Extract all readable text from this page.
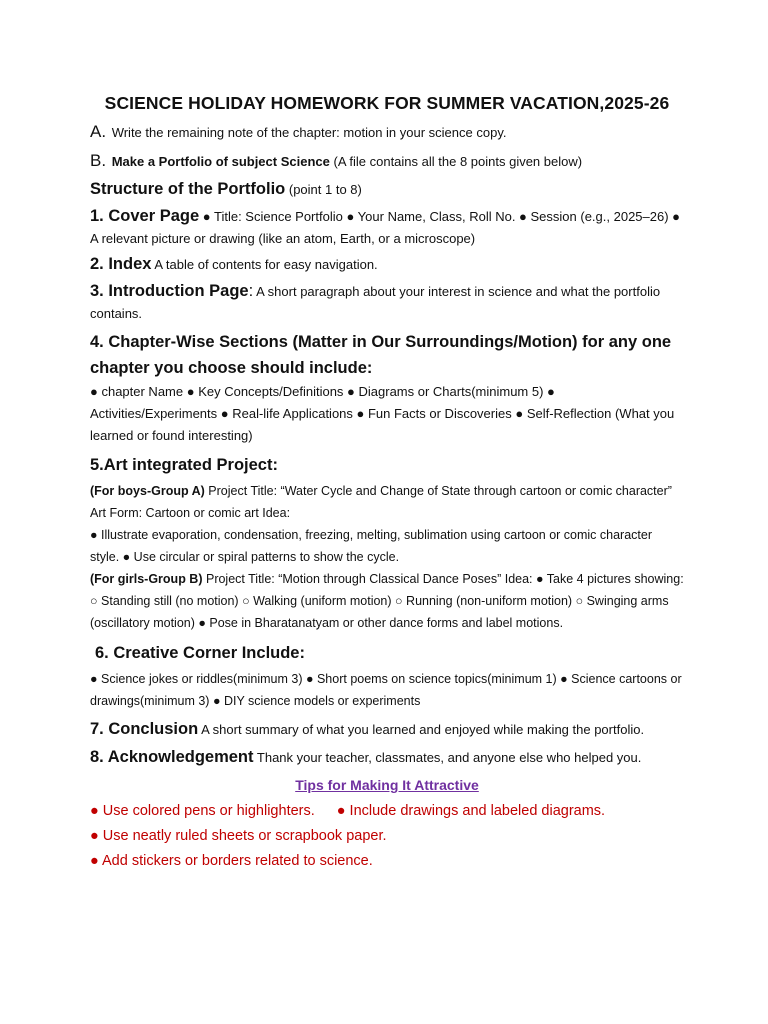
SCIENCE HOLIDAY HOMEWORK FOR SUMMER VACATION,2025-26

A. Write the remaining note of the chapter: motion in your science copy.

B. Make a Portfolio of subject Science (A file contains all the 8 points given below)

Structure of the Portfolio (point 1 to 8)

1. Cover Page ● Title: Science Portfolio ● Your Name, Class, Roll No. ● Session (e.g., 2025–26) ● A relevant picture or drawing (like an atom, Earth, or a microscope)

2. Index A table of contents for easy navigation.

3. Introduction Page: A short paragraph about your interest in science and what the portfolio contains.

4. Chapter-Wise Sections (Matter in Our Surroundings/Motion) for any one chapter you choose should include:

● chapter Name ● Key Concepts/Definitions ● Diagrams or Charts(minimum 5) ● Activities/Experiments ● Real-life Applications ● Fun Facts or Discoveries ● Self-Reflection (What you learned or found interesting)

5.Art integrated Project:

(For boys-Group A) Project Title: “Water Cycle and Change of State through cartoon or comic character” Art Form: Cartoon or comic art Idea:

● Illustrate evaporation, condensation, freezing, melting, sublimation using cartoon or comic character style. ● Use circular or spiral patterns to show the cycle.

(For girls-Group B) Project Title: “Motion through Classical Dance Poses” Idea: ● Take 4 pictures showing: ○ Standing still (no motion) ○ Walking (uniform motion) ○ Running (non-uniform motion) ○ Swinging arms (oscillatory motion) ● Pose in Bharatanatyam or other dance forms and label motions.

6. Creative Corner Include:

● Science jokes or riddles(minimum 3) ● Short poems on science topics(minimum 1) ● Science cartoons or drawings(minimum 3) ● DIY science models or experiments

7. Conclusion A short summary of what you learned and enjoyed while making the portfolio.

8. Acknowledgement Thank your teacher, classmates, and anyone else who helped you.

Tips for Making It Attractive

● Use colored pens or highlighters. ● Include drawings and labeled diagrams.

● Use neatly ruled sheets or scrapbook paper.

● Add stickers or borders related to science.
